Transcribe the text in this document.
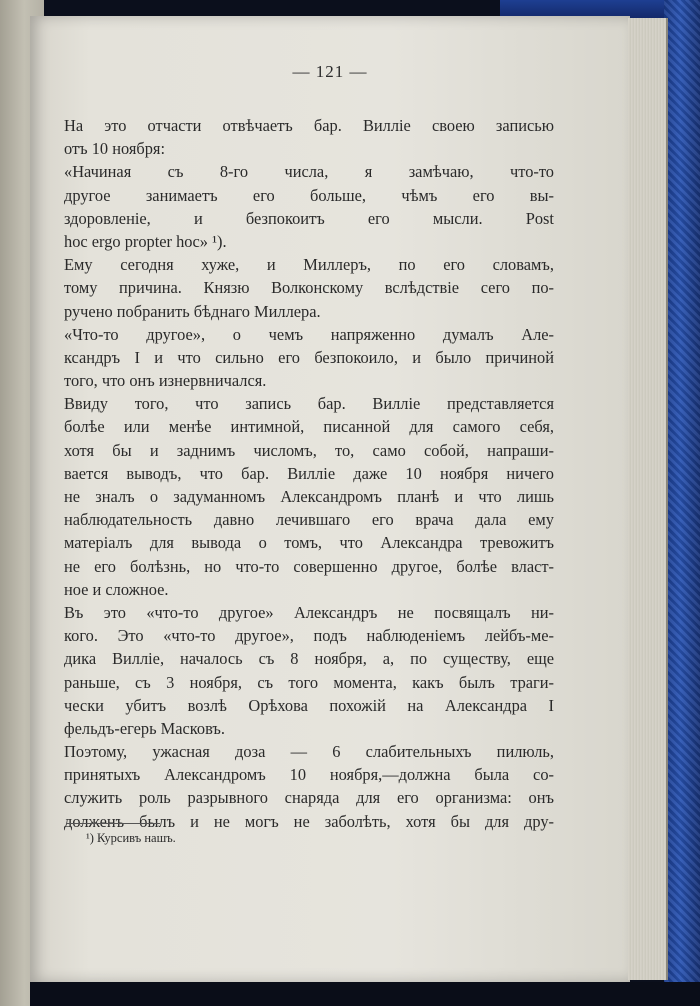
— 121 —
На это отчасти отвѣчаетъ бар. Виллiе своею записью
отъ 10 ноября:
«Начиная съ 8-го числа, я замѣчаю, что-то
другое занимаетъ его больше, чѣмъ его вы-
здоровленiе, и безпокоитъ его мысли. Post
hoc ergo propter hoc» ¹).
Ему сегодня хуже, и Миллеръ, по его словамъ,
тому причина. Князю Волконскому вслѣдствiе сего по-
ручено побранить бѣднаго Миллера.
«Что-то другое», о чемъ напряженно думалъ Але-
ксандръ I и что сильно его безпокоило, и было причиной
того, что онъ изнервничался.
Ввиду того, что запись бар. Виллiе представляется
болѣе или менѣе интимной, писанной для самого себя,
хотя бы и заднимъ числомъ, то, само собой, напраши-
вается выводъ, что бар. Виллiе даже 10 ноября ничего
не зналъ о задуманномъ Александромъ планѣ и что лишь
наблюдательность давно лечившаго его врача дала ему
матерiалъ для вывода о томъ, что Александра тревожитъ
не его болѣзнь, но что-то совершенно другое, болѣе власт-
ное и сложное.
Въ это «что-то другое» Александръ не посвящалъ ни-
кого. Это «что-то другое», подъ наблюденiемъ лейбъ-ме-
дика Виллiе, началось съ 8 ноября, а, по существу, еще
раньше, съ 3 ноября, съ того момента, какъ былъ траги-
чески убитъ возлѣ Орѣхова похожiй на Александра I
фельдъ-егерь Масковъ.
Поэтому, ужасная доза — 6 слабительныхъ пилюль,
принятыхъ Александромъ 10 ноября,—должна была со-
служить роль разрывного снаряда для его организма: онъ
долженъ былъ и не могъ не заболѣть, хотя бы для дру-
¹) Курсивъ нашъ.
